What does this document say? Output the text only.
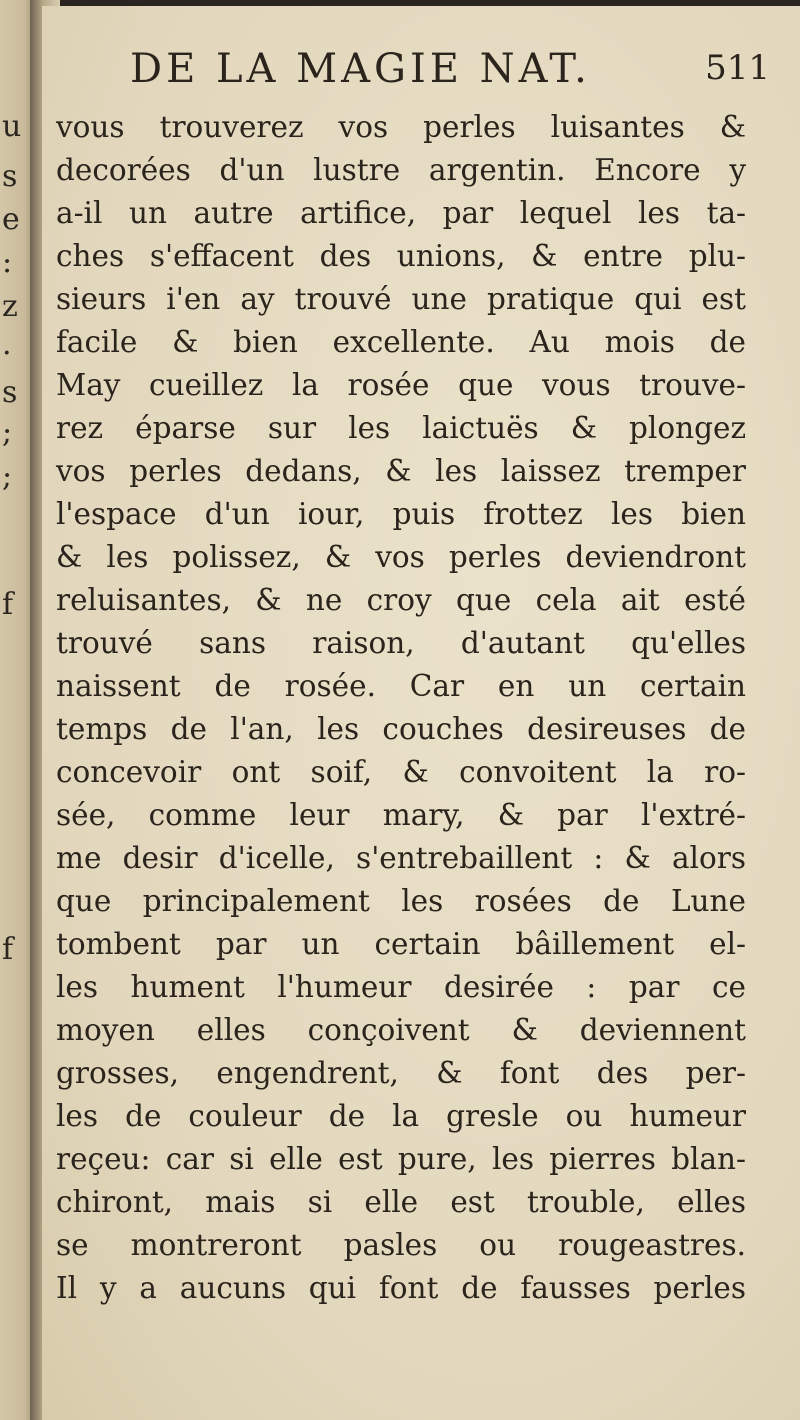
u
s
e
:
z
.
s
;
;
f
f
DE LA MAGIE NAT.	511
vous trouverez vos perles luisantes &
decorées d'un lustre argentin. Encore y
a-il un autre artifice, par lequel les ta-
ches s'effacent des unions, & entre plu-
sieurs i'en ay trouvé une pratique qui est
facile & bien excellente. Au mois de
May cueillez la rosée que vous trouve-
rez éparse sur les laictuës & plongez
vos perles dedans, & les laissez tremper
l'espace d'un iour, puis frottez les bien
& les polissez, & vos perles deviendront
reluisantes, & ne croy que cela ait esté
trouvé sans raison, d'autant qu'elles
naissent de rosée. Car en un certain
temps de l'an, les couches desireuses de
concevoir ont soif, & convoitent la ro-
sée, comme leur mary, & par l'extré-
me desir d'icelle, s'entrebaillent : & alors
que principalement les rosées de Lune
tombent par un certain bâillement el-
les hument l'humeur desirée : par ce
moyen elles conçoivent & deviennent
grosses, engendrent, & font des per-
les de couleur de la gresle ou humeur
reçeu: car si elle est pure, les pierres blan-
chiront, mais si elle est trouble, elles
se montreront pasles ou rougeastres.
Il y a aucuns qui font de fausses perles
